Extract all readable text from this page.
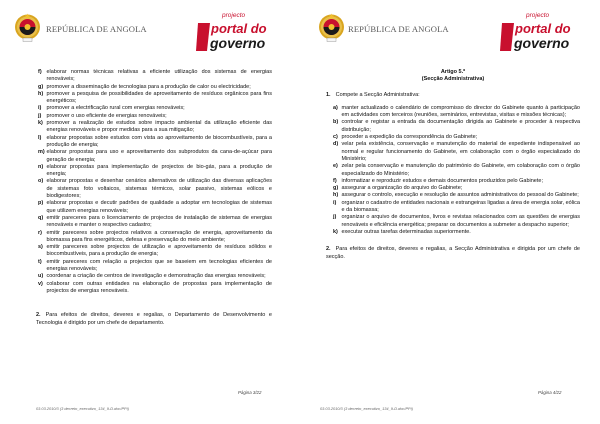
REPÚBLICA DE ANGOLA
projecto
portal do
governo
f) elaborar normas técnicas relativas a eficiente utilização dos sistemas de energias renováveis;
g) promover a disseminação de tecnologias para a produção de calor ou electricidade;
h) promover a pesquisa de possibilidades de aproveitamento de resíduos orgânicos para fins energéticos;
i) promover a electrificação rural com energias renováveis;
j) promover o uso eficiente de energias renováveis;
k) promover a realização de estudos sobre impacto ambiental da utilização eficiente das energias renováveis e propor medidas para a sua mitigação;
l) elaborar propostas sobre estudos com vista ao aproveitamento de biocombustíveis, para a produção de energia;
m) elaborar propostas para uso e aproveitamento dos subprodutos da cana-de-açúcar para geração de energia;
n) elaborar propostas para implementação de projectos de bio-gás, para a produção de energia;
o) elaborar propostas e desenhar cenários alternativos de utilização das diversas aplicações de sistemas foto voltaicos, sistemas térmicos, solar passivo, sistemas eólicos e biodigestores;
p) elaborar propostas e decutir padrões de qualidade a adoptar em tecnologias de sistemas que utilizem energias renováveis;
q) emitir pareceres para o licenciamento de projectos de instalação de sistemas de energias renováveis e manter o respectivo cadastro;
r) emitir pareceres sobre projectos relativos a conservação de energia, aproveitamento da biomassa para fins energéticos, defesa e preservação do meio ambiente;
s) emitir pareceres sobre projectos de utilização e aproveitamento de resíduos sólidos e biocombustíveis, para a produção de energia;
t) emitir pareceres com relação a projectos que se baseiem em tecnologias eficientes de energias renováveis;
u) coordenar a criação de centros de investigação e demonstração das energias renováveis;
v) colaborar com outras entidades na elaboração de propostas para implementação de projectos de energias renováveis.

2. Para efeitos de direitos, deveres e regalias, o Departamento de Desenvolvimento e Tecnologia é dirigido por um chefe de departamento.

Página 3/22
03.03.2010/3 (3 decreto_executivo_134_9-D.doc/PPI)
REPÚBLICA DE ANGOLA
projecto
portal do
governo
Artigo 5.º
(Secção Administrativa)
1. Compete a Secção Administrativa:
a) manter actualizado o calendário de compromisso do director do Gabinete quanto à participação em actividades com terceiros (reuniões, seminários, entrevistas, visitas e missões técnicas);
b) controlar e registar a entrada da documentação dirigida ao Gabinete e proceder à respectiva distribuição;
c) proceder a expedição da correspondência do Gabinete;
d) velar pela existência, conservação e manutenção do material de expediente indispensável ao normal e regular funcionamento do Gabinete, em colaboração com o órgão especializado do Ministério;
e) zelar pela conservação e manutenção do património do Gabinete, em colaboração com o órgão especializado do Ministério;
f) informatizar e reproduzir estudos e demais documentos produzidos pelo Gabinete;
g) assegurar a organização do arquivo do Gabinete;
h) assegurar o controlo, execução e resolução de assuntos administrativos do pessoal do Gabinete;
i) organizar o cadastro de entidades nacionais e estrangeiras ligadas a área de energia solar, eólica e da biomassa;
j) organizar o arquivo de documentos, livros e revistas relacionados com as questões de energias renováveis e eficiência energética; preparar os documentos a submeter a despacho superior;
k) executar outras tarefas determinadas superiormente.

2. Para efeitos de direitos, deveres e regalias, a Secção Administrativa e dirigida por um chefe de secção.

Página 4/22
03.03.2010/3 (3 decreto_executivo_134_9-D.doc/PPI)
